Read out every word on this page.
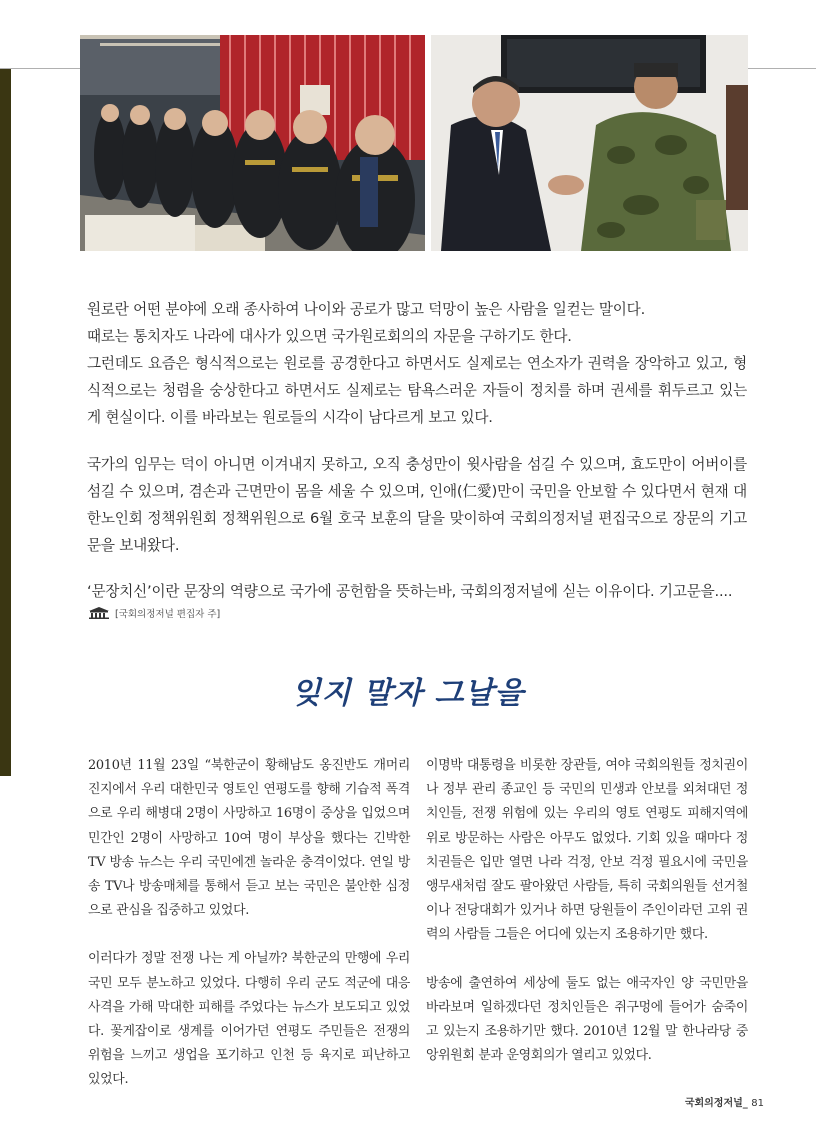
원로란 어떤 분야에 오래 종사하여 나이와 공로가 많고 덕망이 높은 사람을 일컫는 말이다.

때로는 통치자도 나라에 대사가 있으면 국가원로회의의 자문을 구하기도 한다.

그런데도 요즘은 형식적으로는 원로를 공경한다고 하면서도 실제로는 연소자가 권력을 장악하고 있고, 형식적으로는 청렴을 숭상한다고 하면서도 실제로는 탐욕스러운 자들이 정치를 하며 권세를 휘두르고 있는 게 현실이다. 이를 바라보는 원로들의 시각이 남다르게 보고 있다.

국가의 임무는 덕이 아니면 이겨내지 못하고, 오직 충성만이 윗사람을 섬길 수 있으며, 효도만이 어버이를 섬길 수 있으며, 겸손과 근면만이 몸을 세울 수 있으며, 인애(仁愛)만이 국민을 안보할 수 있다면서 현재 대한노인회 정책위원회 정책위원으로 6월 호국 보훈의 달을 맞이하여 국회의정저널 편집국으로 장문의 기고문을 보내왔다.

‘문장치신’이란 문장의 역량으로 국가에 공헌함을 뜻하는바, 국회의정저널에 싣는 이유이다. 기고문을....

[국회의정저널 편집자 주]
잊지 말자 그날을

2010년 11월 23일 “북한군이 황해남도 옹진반도 개머리 진지에서 우리 대한민국 영토인 연평도를 향해 기습적 폭격으로 우리 해병대 2명이 사망하고 16명이 중상을 입었으며 민간인 2명이 사망하고 10여 명이 부상을 했다는 긴박한 TV 방송 뉴스는 우리 국민에겐 놀라운 충격이었다. 연일 방송 TV나 방송매체를 통해서 듣고 보는 국민은 불안한 심정으로 관심을 집중하고 있었다.

이러다가 정말 전쟁 나는 게 아닐까? 북한군의 만행에 우리 국민 모두 분노하고 있었다. 다행히 우리 군도 적군에 대응사격을 가해 막대한 피해를 주었다는 뉴스가 보도되고 있었다. 꽃게잡이로 생계를 이어가던 연평도 주민들은 전쟁의 위험을 느끼고 생업을 포기하고 인천 등 육지로 피난하고 있었다.

이명박 대통령을 비롯한 장관들, 여야 국회의원들 정치권이나 정부 관리 종교인 등 국민의 민생과 안보를 외쳐대던 정치인들, 전쟁 위험에 있는 우리의 영토 연평도 피해지역에 위로 방문하는 사람은 아무도 없었다. 기회 있을 때마다 정치권들은 입만 열면 나라 걱정, 안보 걱정 필요시에 국민을 앵무새처럼 잘도 팔아왔던 사람들, 특히 국회의원들 선거철이나 전당대회가 있거나 하면 당원들이 주인이라던 고위 권력의 사람들 그들은 어디에 있는지 조용하기만 했다.

방송에 출연하여 세상에 둘도 없는 애국자인 양 국민만을 바라보며 일하겠다던 정치인들은 쥐구멍에 들어가 숨죽이고 있는지 조용하기만 했다. 2010년 12월 말 한나라당 중앙위원회 분과 운영회의가 열리고 있었다.

국회의정저널_ 81
